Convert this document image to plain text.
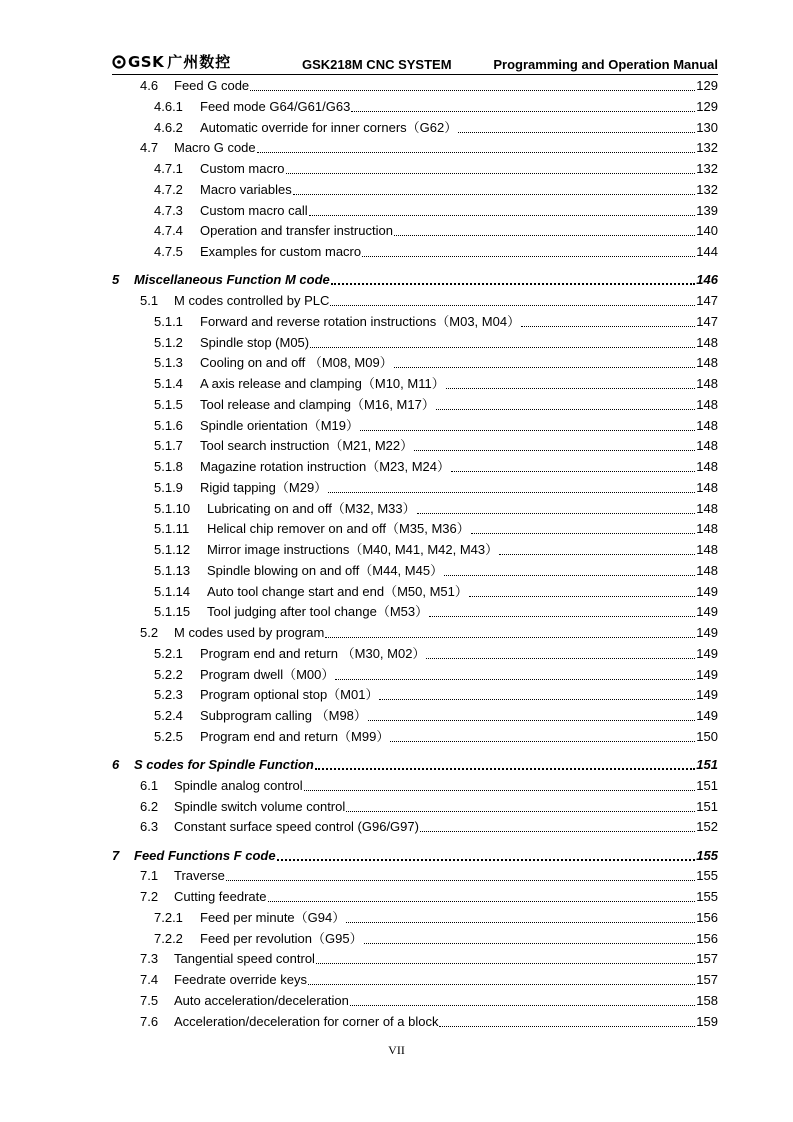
GSK 广州数控	GSK218M CNC SYSTEM	Programming and Operation Manual
4.6	Feed G code	129
4.6.1	Feed mode G64/G61/G63	129
4.6.2	Automatic override for inner corners（G62）	130
4.7	Macro G code	132
4.7.1	Custom macro	132
4.7.2	Macro variables	132
4.7.3	Custom macro call	139
4.7.4	Operation and transfer instruction	140
4.7.5	Examples for custom macro	144
5	Miscellaneous Function M code	146
5.1	M codes controlled by PLC	147
5.1.1	Forward and reverse rotation instructions（M03, M04）	147
5.1.2	Spindle stop (M05)	148
5.1.3	Cooling on and off （M08, M09）	148
5.1.4	A axis release and clamping（M10, M11）	148
5.1.5	Tool release and clamping（M16, M17）	148
5.1.6	Spindle orientation（M19）	148
5.1.7	Tool search instruction（M21, M22）	148
5.1.8	Magazine rotation instruction（M23, M24）	148
5.1.9	Rigid tapping（M29）	148
5.1.10	Lubricating on and off（M32, M33）	148
5.1.11	Helical chip remover on and off（M35, M36）	148
5.1.12	Mirror image instructions（M40, M41, M42, M43）	148
5.1.13	Spindle blowing on and off（M44, M45）	148
5.1.14	Auto tool change start and end（M50, M51）	149
5.1.15	Tool judging after tool change（M53）	149
5.2	M codes used by program	149
5.2.1	Program end and return （M30, M02）	149
5.2.2	Program dwell（M00）	149
5.2.3	Program optional stop（M01）	149
5.2.4	Subprogram calling （M98）	149
5.2.5	Program end and return（M99）	150
6	S codes for Spindle Function	151
6.1	Spindle analog control	151
6.2	Spindle switch volume control	151
6.3	Constant surface speed control (G96/G97)	152
7	Feed Functions F code	155
7.1	Traverse	155
7.2	Cutting feedrate	155
7.2.1	Feed per minute（G94）	156
7.2.2	Feed per revolution（G95）	156
7.3	Tangential speed control	157
7.4	Feedrate override keys	157
7.5	Auto acceleration/deceleration	158
7.6	Acceleration/deceleration for corner of a block	159
VII
